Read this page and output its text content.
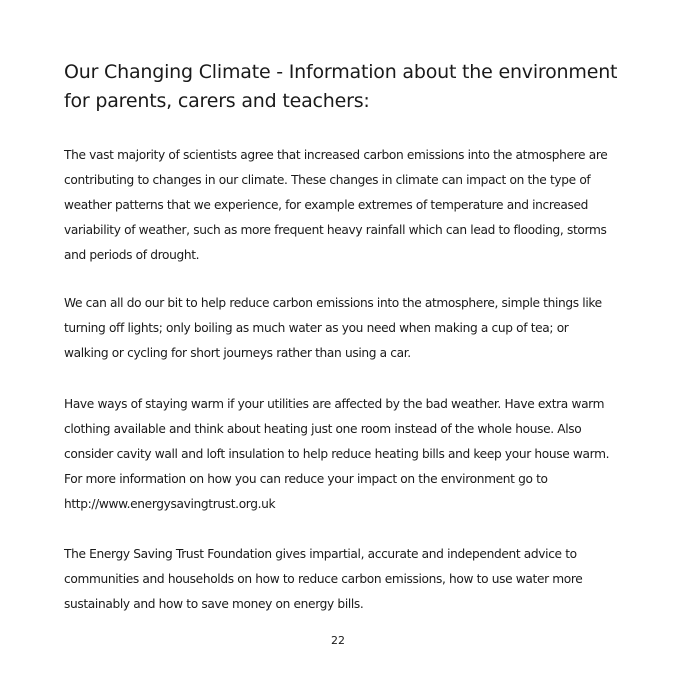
Our Changing Climate - Information about the environment for parents, carers and teachers:

The vast majority of scientists agree that increased carbon emissions into the atmosphere are contributing to changes in our climate. These changes in climate can impact on the type of weather patterns that we experience, for example extremes of temperature and increased variability of weather, such as more frequent heavy rainfall which can lead to flooding, storms and periods of drought.

We can all do our bit to help reduce carbon emissions into the atmosphere, simple things like turning off lights; only boiling as much water as you need when making a cup of tea; or walking or cycling for short journeys rather than using a car.

Have ways of staying warm if your utilities are affected by the bad weather. Have extra warm clothing available and think about heating just one room instead of the whole house. Also consider cavity wall and loft insulation to help reduce heating bills and keep your house warm. For more information on how you can reduce your impact on the environment go to http://www.energysavingtrust.org.uk

The Energy Saving Trust Foundation gives impartial, accurate and independent advice to communities and households on how to reduce carbon emissions, how to use water more sustainably and how to save money on energy bills.

22
